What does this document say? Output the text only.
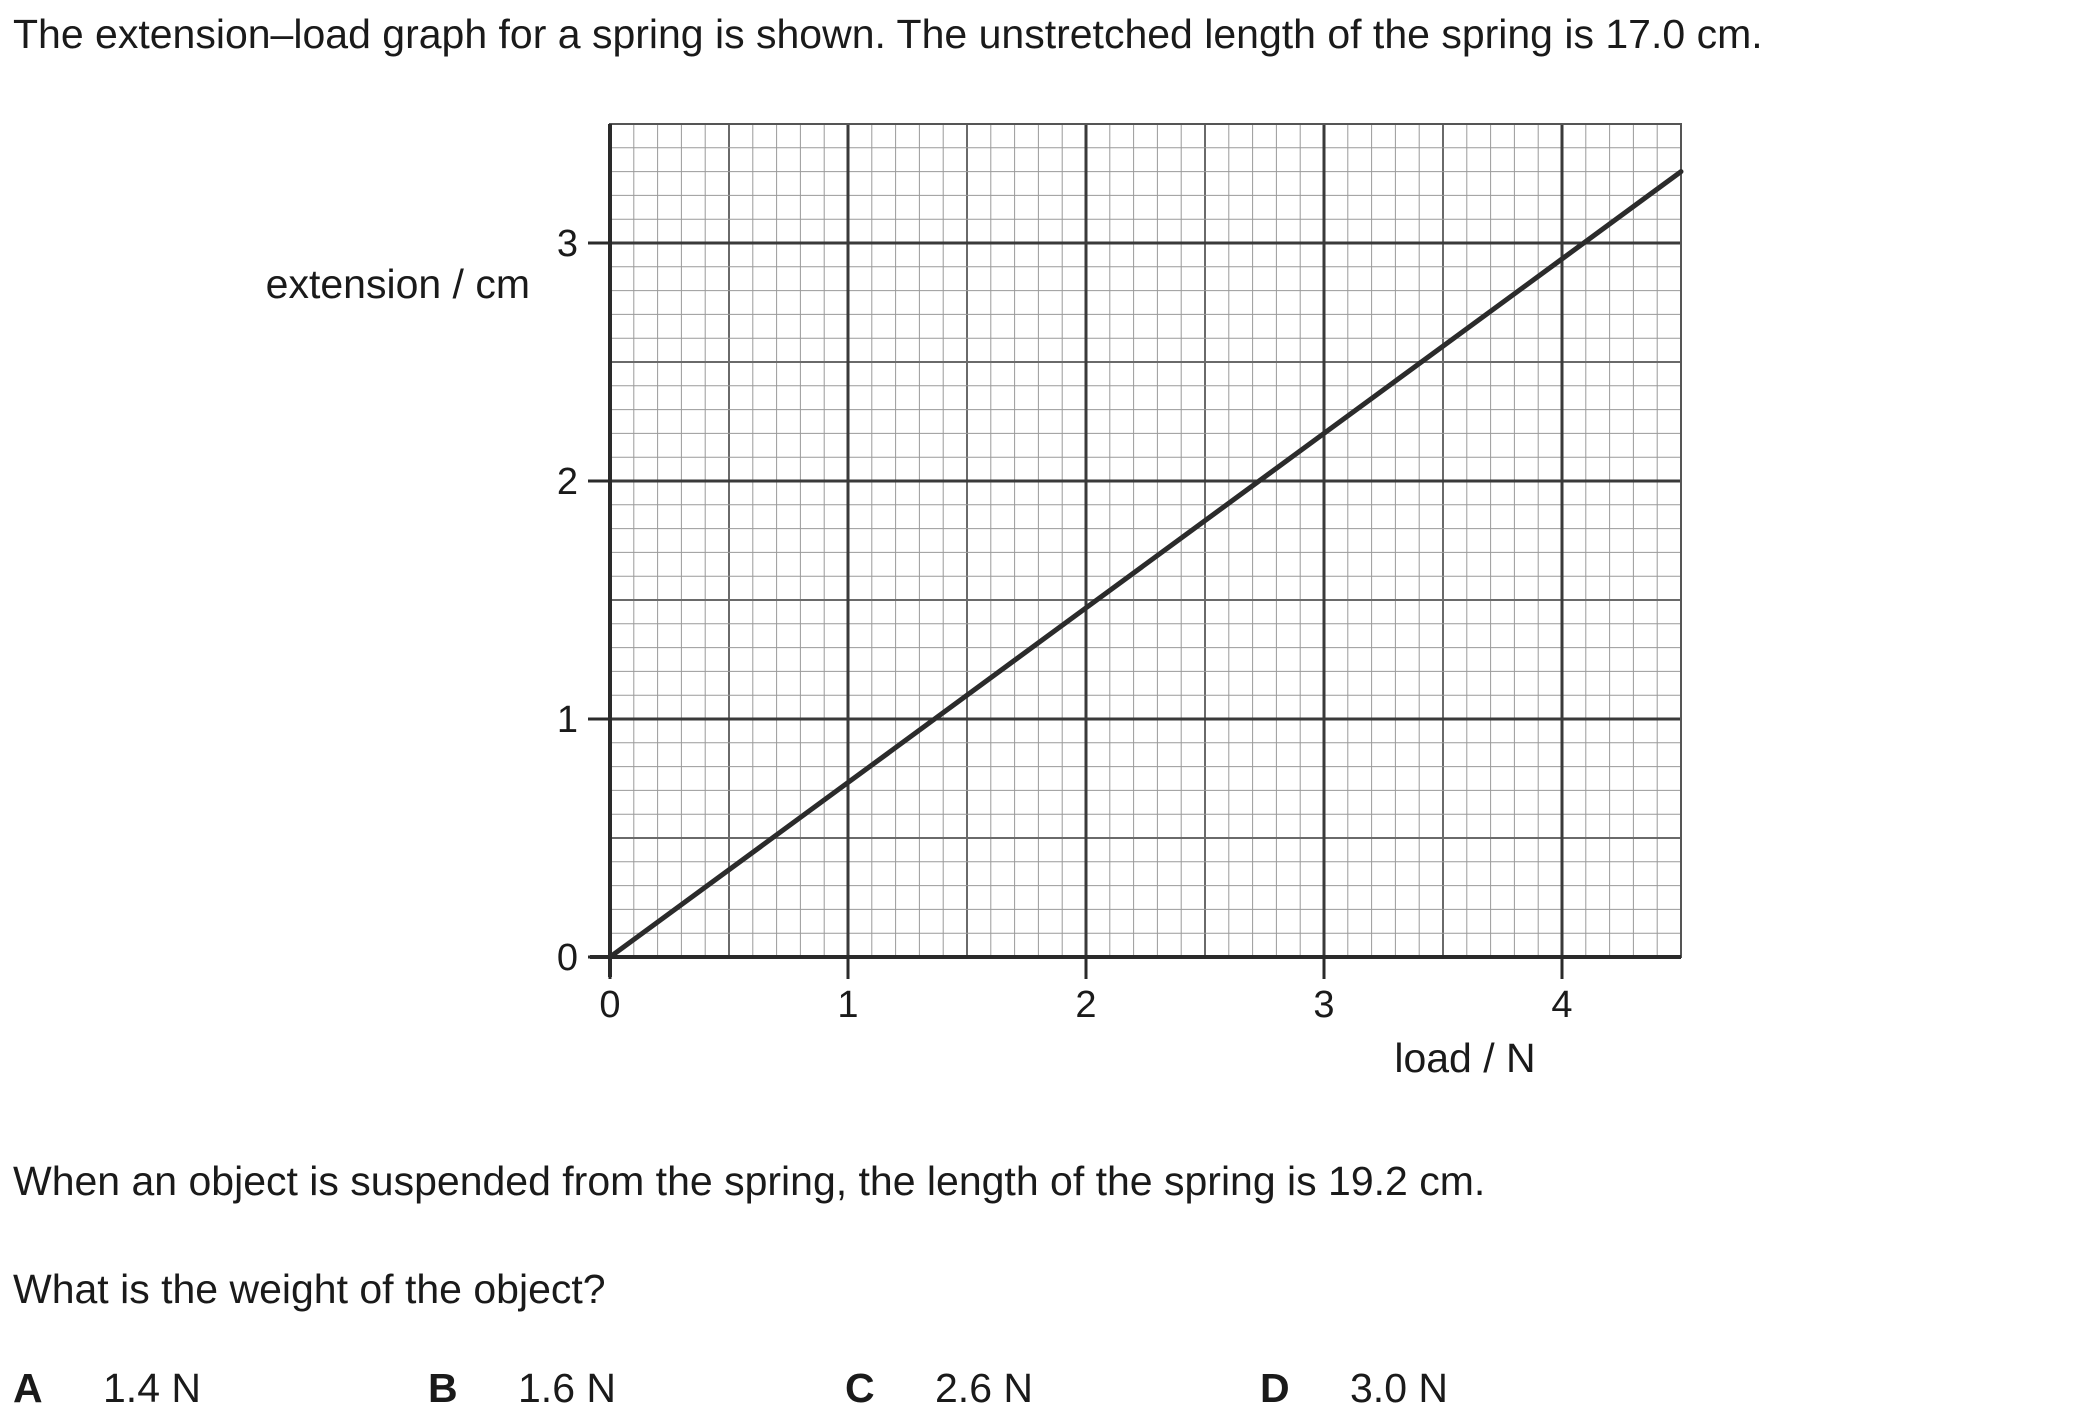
The extension–load graph for a spring is shown. The unstretched length of the spring is 17.0 cm.
0	1	2	3	4
0
1
2
3
extension / cm
load / N
When an object is suspended from the spring, the length of the spring is 19.2 cm.
What is the weight of the object?
A 1.4 N	B 1.6 N	C 2.6 N	D 3.0 N
